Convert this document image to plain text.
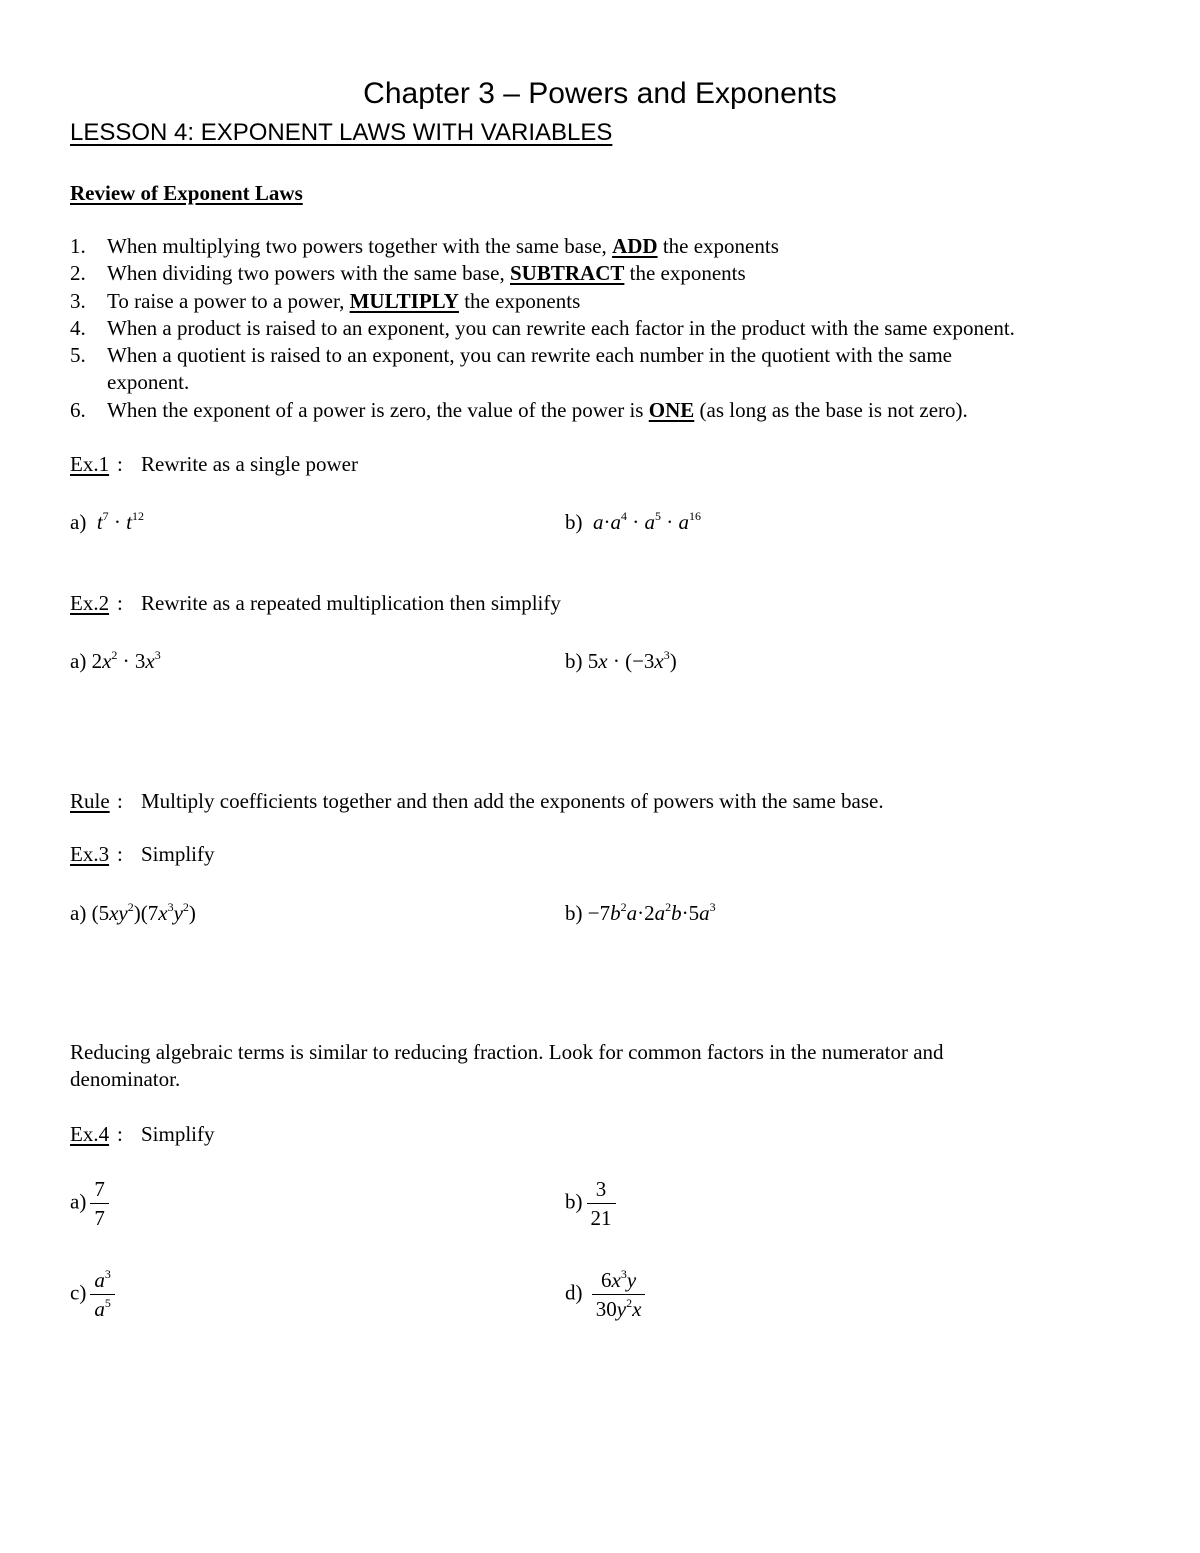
Chapter 3 – Powers and Exponents
LESSON 4: EXPONENT LAWS WITH VARIABLES
Review of Exponent Laws
1.	When multiplying two powers together with the same base, ADD the exponents
2.	When dividing two powers with the same base, SUBTRACT the exponents
3.	To raise a power to a power, MULTIPLY the exponents
4.	When a product is raised to an exponent, you can rewrite each factor in the product with the same exponent.
5.	When a quotient is raised to an exponent, you can rewrite each number in the quotient with the same
exponent.
6.	When the exponent of a power is zero, the value of the power is ONE (as long as the base is not zero).
Ex.1 : Rewrite as a single power
a) $t^7 \cdot t^{12}$	b) $a\cdot a^4 \cdot a^5 \cdot a^{16}$
Ex.2 : Rewrite as a repeated multiplication then simplify
a) $2x^2 \cdot 3x^3$	b) $5x \cdot (-3x^3)$
Rule : Multiply coefficients together and then add the exponents of powers with the same base.
Ex.3 : Simplify
a) $(5xy^2)(7x^3y^2)$	$b) -7b^2a\cdot 2a^2b\cdot 5a^3$
Reducing algebraic terms is similar to reducing fraction. Look for common factors in the numerator and
denominator.
Ex.4 : Simplify
$a) \frac{7}{7}$	$b) \frac{3}{21}$
$c) \frac{a^3}{a^5}$	$d) \frac{6x^3y}{30y^2x}$
